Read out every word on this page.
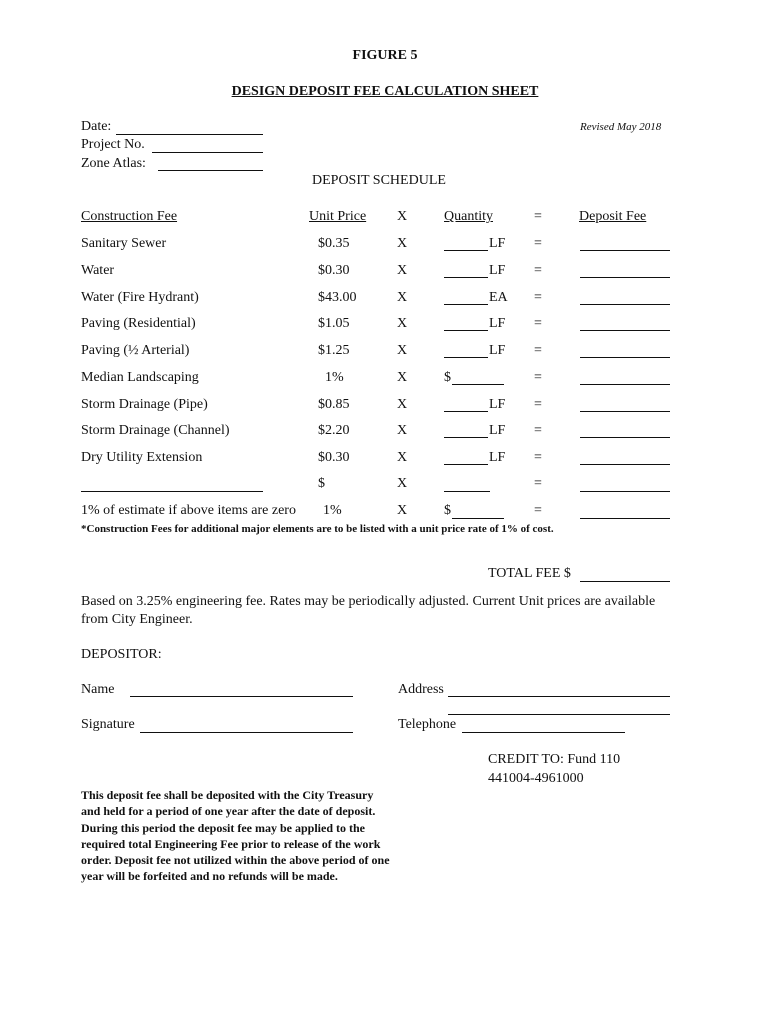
FIGURE 5
DESIGN DEPOSIT FEE CALCULATION SHEET
Revised May 2018
Date:
Project No.
Zone Atlas:
DEPOSIT SCHEDULE
Construction Fee	Unit Price X	Quantity	=	Deposit Fee
Sanitary Sewer	$0.35	X	LF =
Water	$0.30	X	LF =
Water (Fire Hydrant)	$43.00	X	EA =
Paving (Residential)	$1.05	X	LF =
Paving (½ Arterial)	$1.25	X	LF =
Median Landscaping	1%	X	$	=
Storm Drainage (Pipe)	$0.85	X	LF =
Storm Drainage (Channel)	$2.20	X	LF =
Dry Utility Extension	$0.30	X	LF =
$	X	=
1% of estimate if above items are zero 1%	X	$	=
*Construction Fees for additional major elements are to be listed with a unit price rate of 1% of cost.
TOTAL FEE $
Based on 3.25% engineering fee. Rates may be periodically adjusted. Current Unit prices are available from City Engineer.
DEPOSITOR:
Name	Address
Signature	Telephone
CREDIT TO: Fund 110
441004-4961000
This deposit fee shall be deposited with the City Treasury and held for a period of one year after the date of deposit. During this period the deposit fee may be applied to the required total Engineering Fee prior to release of the work order. Deposit fee not utilized within the above period of one year will be forfeited and no refunds will be made.
